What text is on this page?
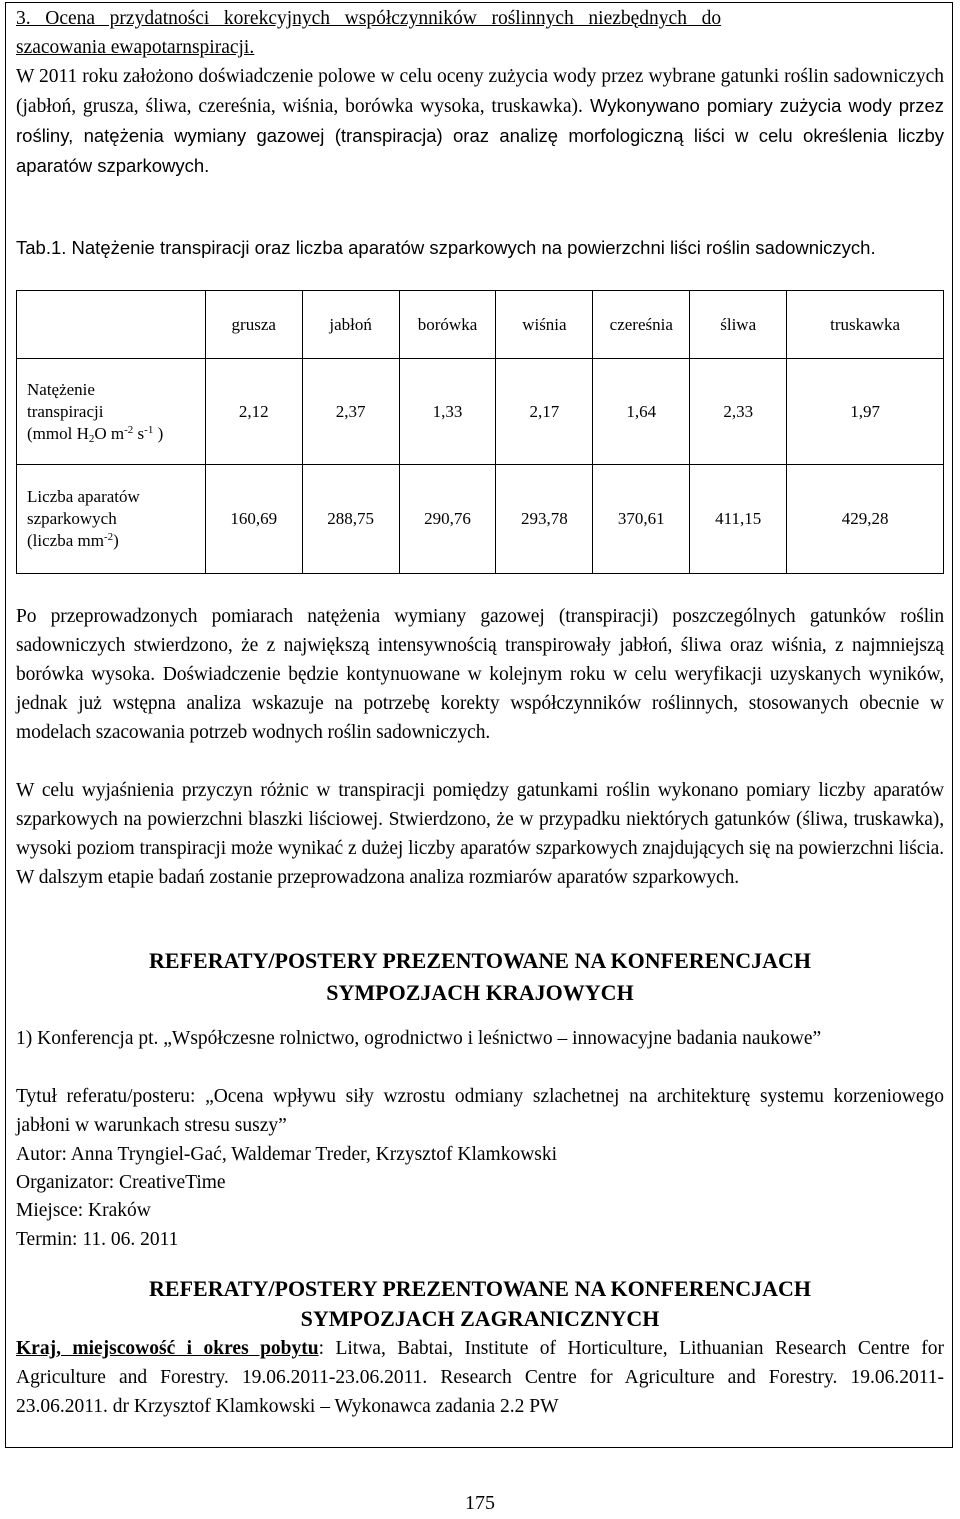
3.   Ocena   przydatności   korekcyjnych   współczynników   roślinnych   niezbędnych   do
szacowania ewapotarnspiracji.
W 2011 roku założono doświadczenie polowe w celu oceny zużycia wody przez wybrane gatunki roślin sadowniczych (jabłoń, grusza, śliwa, czereśnia, wiśnia, borówka wysoka, truskawka). Wykonywano pomiary zużycia wody przez rośliny, natężenia wymiany gazowej (transpiracja) oraz analizę morfologiczną liści w celu określenia liczby aparatów szparkowych.
Tab.1. Natężenie transpiracji oraz liczba aparatów szparkowych na powierzchni liści roślin sadowniczych.
	grusza	jabłoń	borówka	wiśnia	czereśnia	śliwa	truskawka

Natężenie
transpiracji
(mmol $H_2O$ $m^{-2}$ $s^{-1}$ )	2,12	2,37	1,33	2,17	1,64	2,33	1,97

Liczba aparatów
szparkowych
(liczba $mm^{-2}$)	160,69	288,75	290,76	293,78	370,61	411,15	429,28
Po przeprowadzonych pomiarach natężenia wymiany gazowej (transpiracji) poszczególnych gatunków roślin sadowniczych stwierdzono, że z największą intensywnością transpirowały jabłoń, śliwa oraz wiśnia, z najmniejszą borówka wysoka. Doświadczenie będzie kontynuowane w kolejnym roku w celu weryfikacji uzyskanych wyników, jednak już wstępna analiza wskazuje na potrzebę korekty współczynników roślinnych, stosowanych obecnie w modelach szacowania potrzeb wodnych roślin sadowniczych.
W celu wyjaśnienia przyczyn różnic w transpiracji pomiędzy gatunkami roślin wykonano pomiary liczby aparatów szparkowych na powierzchni blaszki liściowej. Stwierdzono, że w przypadku niektórych gatunków (śliwa, truskawka), wysoki poziom transpiracji może wynikać z dużej liczby aparatów szparkowych znajdujących się na powierzchni liścia. W dalszym etapie badań zostanie przeprowadzona analiza rozmiarów aparatów szparkowych.
REFERATY/POSTERY PREZENTOWANE NA KONFERENCJACH
SYMPOZJACH KRAJOWYCH
1) Konferencja pt. „Współczesne rolnictwo, ogrodnictwo i leśnictwo – innowacyjne badania naukowe”
Tytuł referatu/posteru: „Ocena wpływu siły wzrostu odmiany szlachetnej na architekturę systemu korzeniowego jabłoni w warunkach stresu suszy”
Autor: Anna Tryngiel-Gać, Waldemar Treder, Krzysztof Klamkowski
Organizator: CreativeTime
Miejsce: Kraków
Termin: 11. 06. 2011
REFERATY/POSTERY PREZENTOWANE NA KONFERENCJACH
SYMPOZJACH ZAGRANICZNYCH
Kraj, miejscowość i okres pobytu: Litwa, Babtai, Institute of Horticulture, Lithuanian Research Centre for Agriculture and Forestry. 19.06.2011-23.06.2011. Research Centre for Agriculture and Forestry. 19.06.2011-23.06.2011. dr Krzysztof Klamkowski – Wykonawca zadania 2.2 PW
175
